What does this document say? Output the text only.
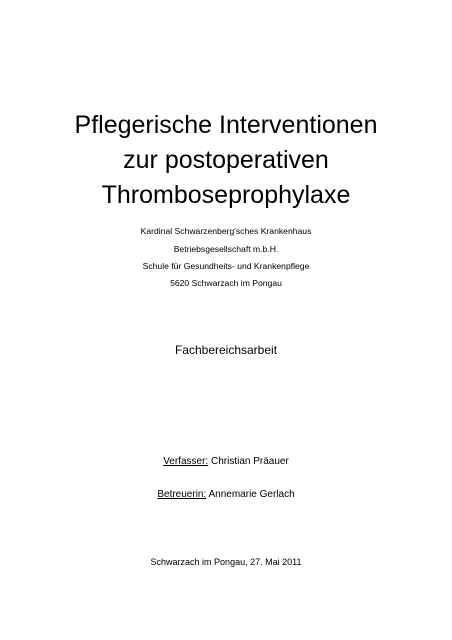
Pflegerische Interventionen
zur postoperativen
Thromboseprophylaxe
Kardinal Schwarzenberg'sches Krankenhaus
Betriebsgesellschaft m.b.H.
Schule für Gesundheits- und Krankenpflege
5620 Schwarzach im Pongau
Fachbereichsarbeit
Verfasser: Christian Präauer
Betreuerin: Annemarie Gerlach
Schwarzach im Pongau, 27. Mai 2011
